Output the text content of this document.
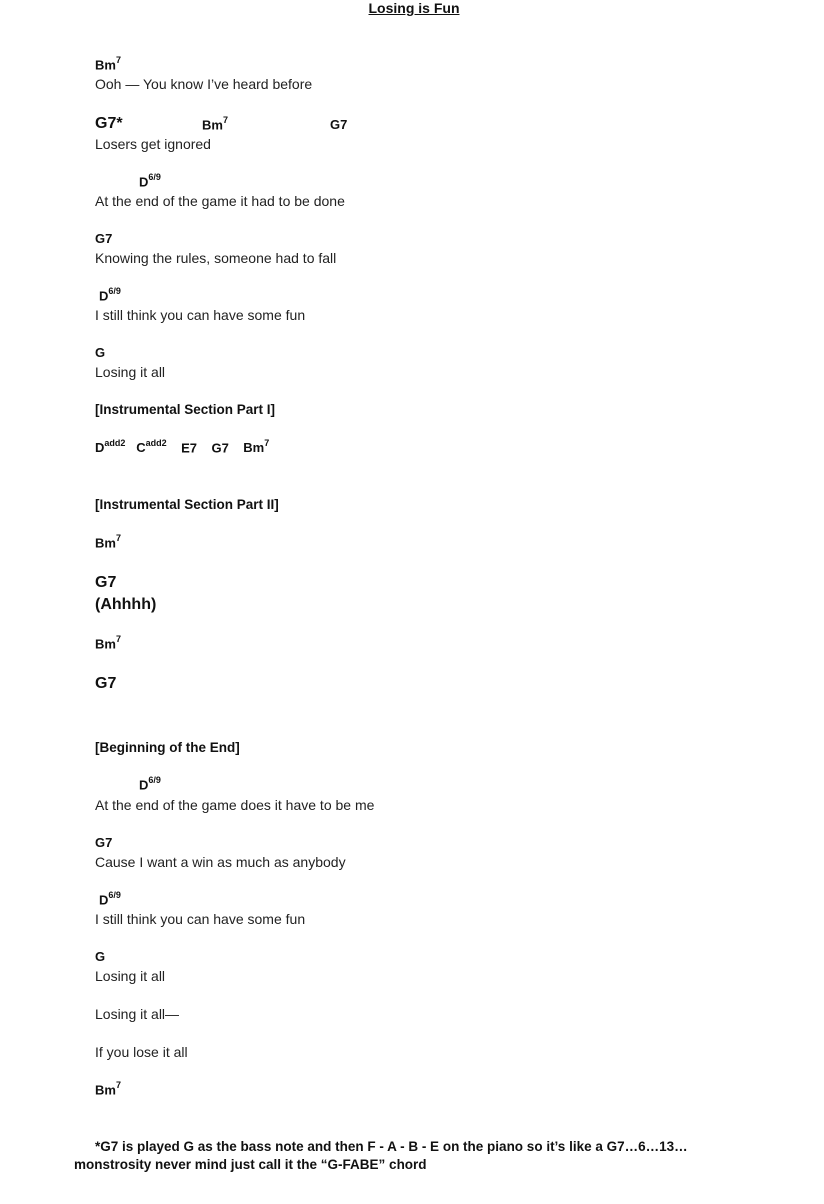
Losing is Fun
Bm$^7$
Ooh — You know I’ve heard before
G7*	Bm$^7$	G7
Losers get ignored
$D^{6/9}$
At the end of the game it had to be done
G7
Knowing the rules, someone had to fall
$D^{6/9}$
I still think you can have some fun
G
Losing it all
[Instrumental Section Part I]
$D^{add2}$ $C^{add2}$ E7 G7 Bm$^7$
[Instrumental Section Part II]
Bm$^7$
G7
(Ahhhh)
Bm$^7$
G7
[Beginning of the End]
$D^{6/9}$
At the end of the game does it have to be me
G7
Cause I want a win as much as anybody
$D^{6/9}$
I still think you can have some fun
G
Losing it all
Losing it all—
If you lose it all
Bm$^7$
*G7 is played G as the bass note and then F - A - B - E on the piano so it’s like a G7…6…13…
monstrosity never mind just call it the “G-FABE” chord
